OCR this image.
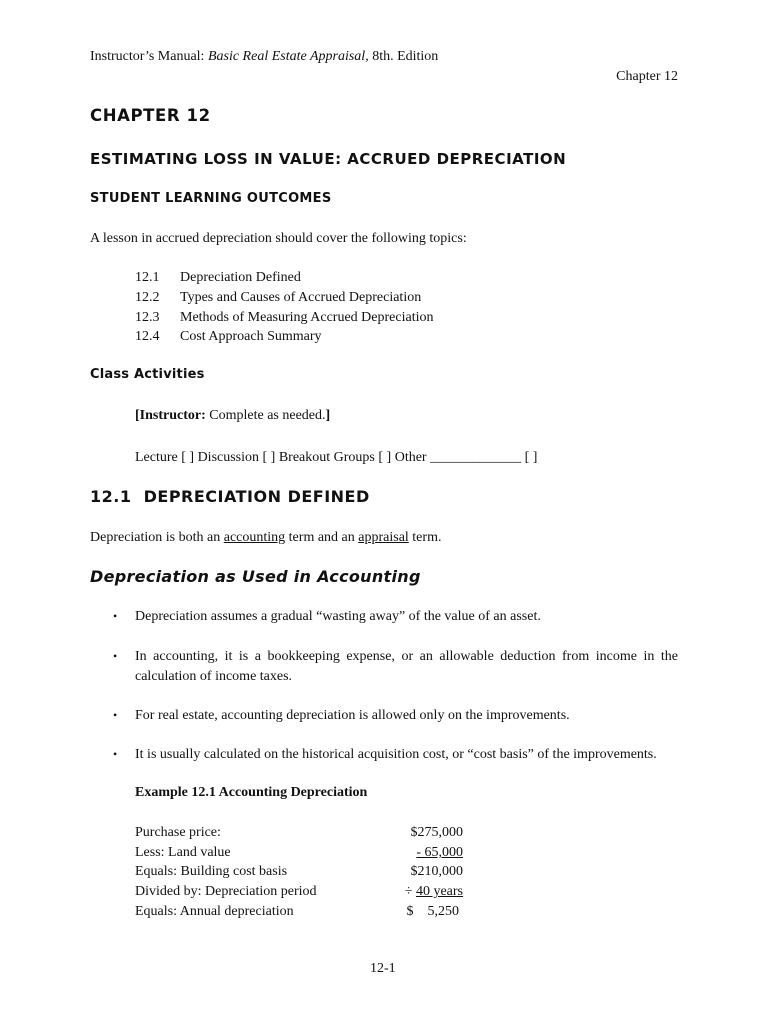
Instructor’s Manual: Basic Real Estate Appraisal, 8th. Edition
Chapter 12
CHAPTER 12
ESTIMATING LOSS IN VALUE: ACCRUED DEPRECIATION
STUDENT LEARNING OUTCOMES
A lesson in accrued depreciation should cover the following topics:
12.1 Depreciation Defined
12.2 Types and Causes of Accrued Depreciation
12.3 Methods of Measuring Accrued Depreciation
12.4 Cost Approach Summary
Class Activities
[Instructor: Complete as needed.]
Lecture [ ] Discussion [ ] Breakout Groups [ ] Other _____________ [ ]
12.1  DEPRECIATION DEFINED
Depreciation is both an accounting term and an appraisal term.
Depreciation as Used in Accounting
• Depreciation assumes a gradual “wasting away” of the value of an asset.
• In accounting, it is a bookkeeping expense, or an allowable deduction from income in the calculation of income taxes.
• For real estate, accounting depreciation is allowed only on the improvements.
• It is usually calculated on the historical acquisition cost, or “cost basis” of the improvements.
Example 12.1 Accounting Depreciation
Purchase price:	$275,000
Less: Land value	- 65,000
Equals: Building cost basis	$210,000
Divided by: Depreciation period	÷ 40 years
Equals: Annual depreciation	$    5,250
12-1
